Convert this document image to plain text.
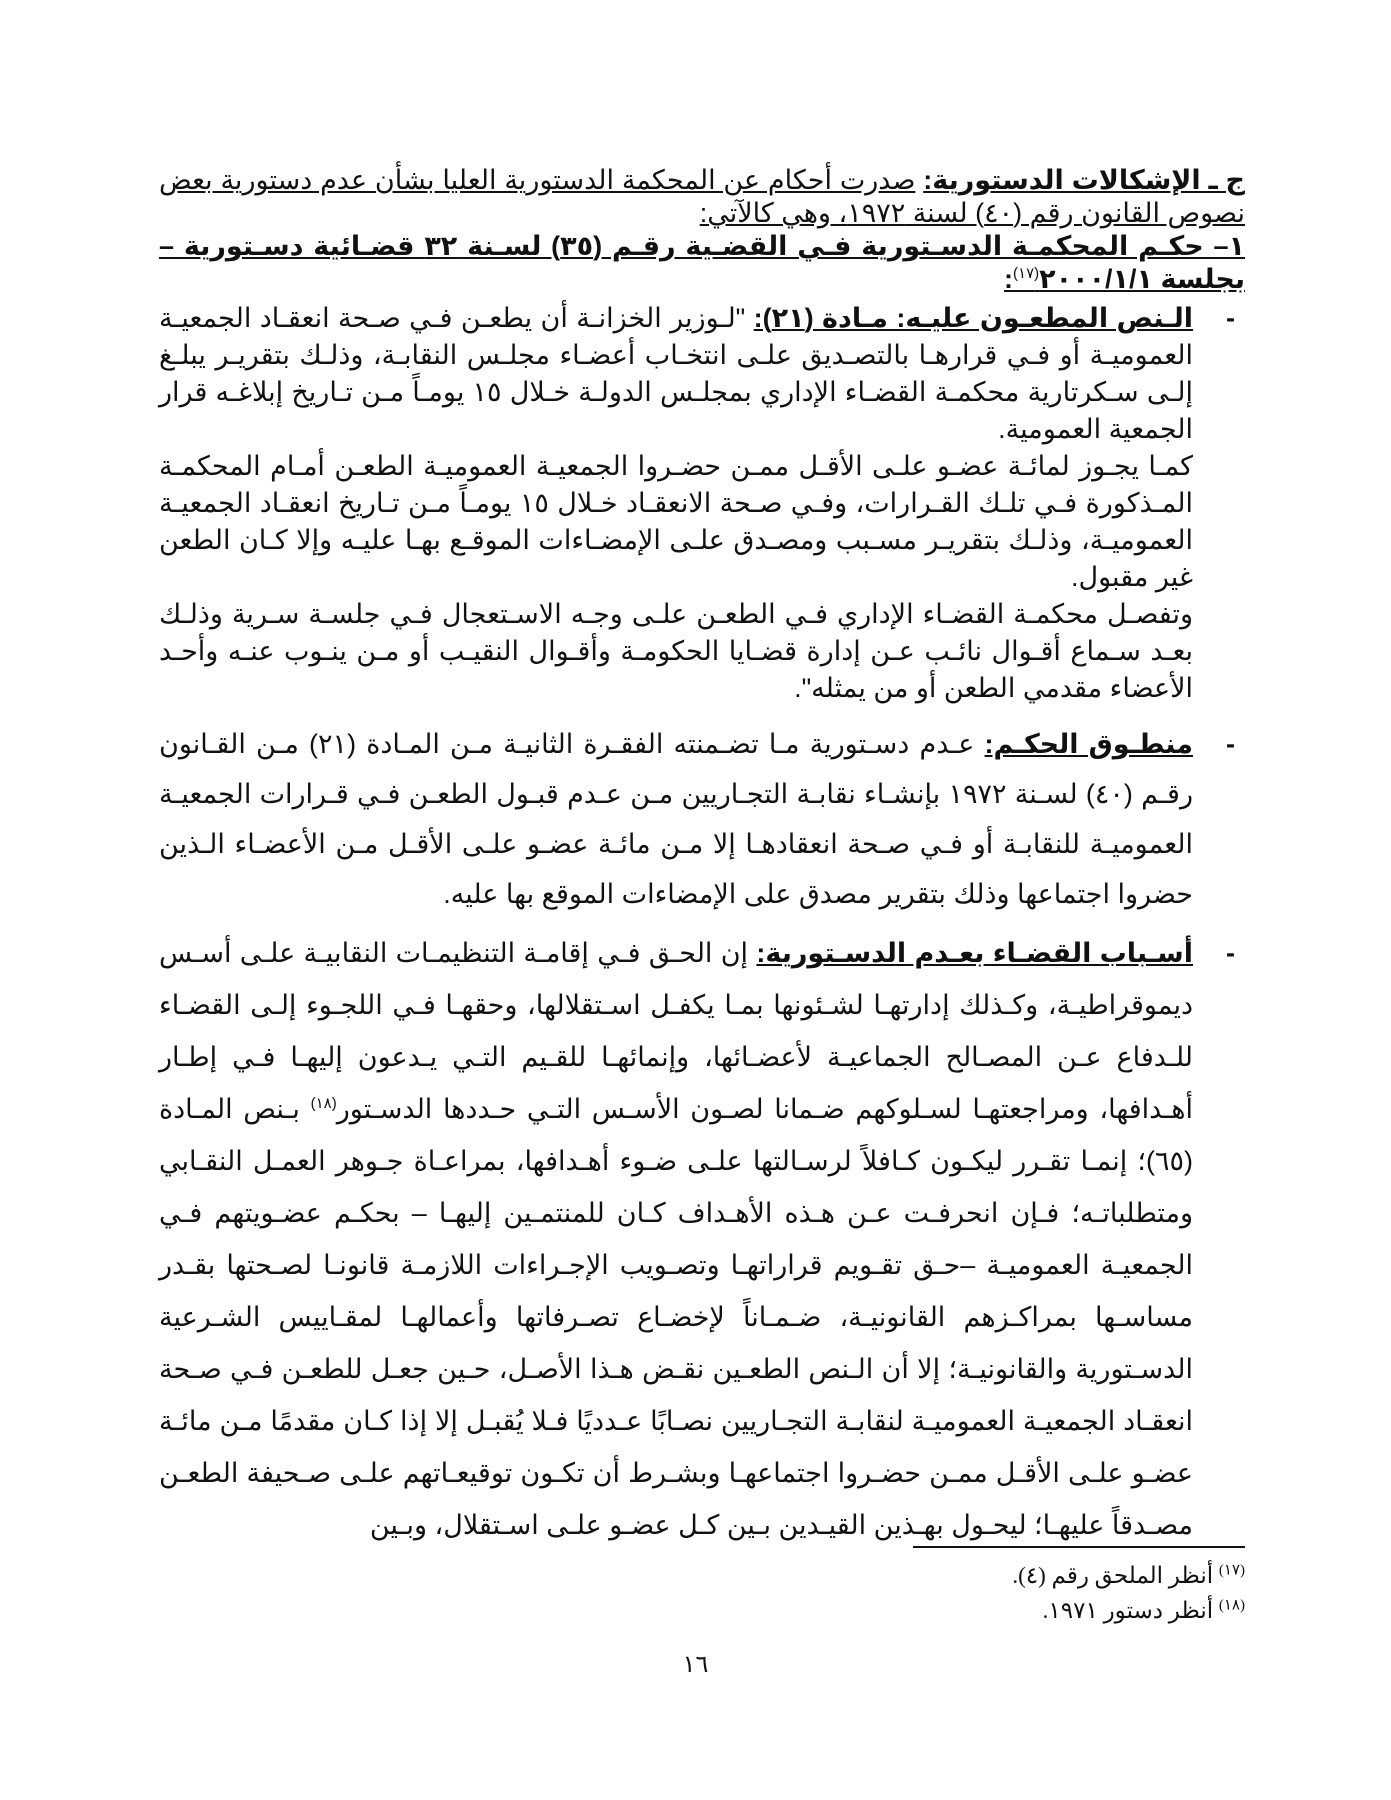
ج ـ الإشكالات الدستورية: صدرت أحكام عن المحكمة الدستورية العليا بشأن عدم دستورية بعض نصوص القانون رقم (٤٠) لسنة ١٩٧٢، وهي كالآتي:

١– حكـم المحكمـة الدسـتورية فـي القضـية رقـم (٣٥) لسـنة ٣٢ قضـائية دسـتورية – بجلسة ٢٠٠٠/١/١$^{(١٧)}$:

-

الـنص المطعـون عليـه: مـادة (٢١): "لـوزير الخزانـة أن يطعـن فـي صـحة انعقـاد الجمعيـة العموميـة أو فـي قرارهـا بالتصـديق علـى انتخـاب أعضـاء مجلـس النقابـة، وذلـك بتقريـر يبلـغ إلـى سـكرتارية محكمـة القضـاء الإداري بمجلـس الدولـة خـلال ١٥ يومـاً مـن تـاريخ إبلاغـه قرار الجمعية العمومية.

كمـا يجـوز لمائـة عضـو علـى الأقـل ممـن حضـروا الجمعيـة العموميـة الطعـن أمـام المحكمـة المـذكورة فـي تلـك القـرارات، وفـي صـحة الانعقـاد خـلال ١٥ يومـاً مـن تـاريخ انعقـاد الجمعيـة العموميـة، وذلـك بتقريـر مسـبب ومصـدق علـى الإمضـاءات الموقـع بهـا عليـه وإلا كـان الطعن غير مقبول.

وتفصـل محكمـة القضـاء الإداري فـي الطعـن علـى وجـه الاسـتعجال فـي جلسـة سـرية وذلـك بعـد سـماع أقـوال نائـب عـن إدارة قضـايا الحكومـة وأقـوال النقيـب أو مـن ينـوب عنـه وأحـد الأعضاء مقدمي الطعن أو من يمثله".

-
منطـوق الحكـم: عـدم دسـتورية مـا تضـمنته الفقـرة الثانيـة مـن المـادة (٢١) مـن القـانون رقـم (٤٠) لسـنة ١٩٧٢ بإنشـاء نقابـة التجـاريين مـن عـدم قبـول الطعـن فـي قـرارات الجمعيـة العموميـة للنقابـة أو فـي صـحة انعقادهـا إلا مـن مائـة عضـو علـى الأقـل مـن الأعضـاء الـذين حضروا اجتماعها وذلك بتقرير مصدق على الإمضاءات الموقع بها عليه.
-
أسـباب القضـاء بعـدم الدسـتورية: إن الحـق فـي إقامـة التنظيمـات النقابيـة علـى أسـس ديموقراطيـة، وكـذلك إدارتهـا لشـئونها بمـا يكفـل اسـتقلالها، وحقهـا فـي اللجـوء إلـى القضـاء للـدفاع عـن المصـالح الجماعيـة لأعضـائها، وإنمائهـا للقـيم التـي يـدعون إليهـا فـي إطـار أهـدافها، ومراجعتهـا لسـلوكهم ضـمانا لصـون الأسـس التـي حـددها الدسـتور$^{(١٨)}$ بـنص المـادة (٦٥)؛ إنمـا تقـرر ليكـون كـافلاً لرسـالتها علـى ضـوء أهـدافها، بمراعـاة جـوهر العمـل النقـابي ومتطلباتـه؛ فـإن انحرفـت عـن هـذه الأهـداف كـان للمنتمـين إليهـا – بحكـم عضـويتهم فـي الجمعيـة العموميـة –حـق تقـويم قراراتهـا وتصـويب الإجـراءات اللازمـة قانونـا لصـحتها بقـدر مساسـها بمراكـزهم القانونيـة، ضـمـاناً لإخضـاع تصـرفاتها وأعمالهـا لمقـاييس الشـرعية الدسـتورية والقانونيـة؛ إلا أن الـنص الطعـين نقـض هـذا الأصـل، حـين جعـل للطعـن فـي صـحة انعقـاد الجمعيـة العموميـة لنقابـة التجـاريين نصـابًا عـدديًا فـلا يُقبـل إلا إذا كـان مقدمًا مـن مائـة عضـو علـى الأقـل ممـن حضـروا اجتماعهـا وبشـرط أن تكـون توقيعـاتهم علـى صـحيفة الطعـن مصـدقاً عليهـا؛ ليحـول بهـذين القيـدين بـين كـل عضـو علـى اسـتقلال، وبـين
$^{(١٧)}$ أنظر الملحق رقم (٤).
$^{(١٨)}$ أنظر دستور ١٩٧١.
١٦
